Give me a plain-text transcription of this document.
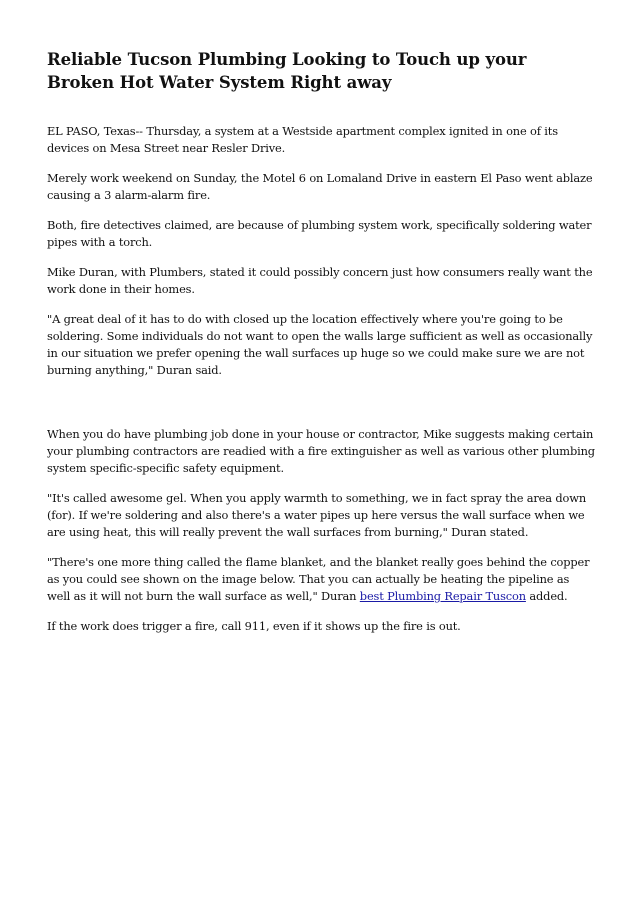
Reliable Tucson Plumbing Looking to Touch up your Broken Hot Water System Right away

EL PASO, Texas-- Thursday, a system at a Westside apartment complex ignited in one of its devices on Mesa Street near Resler Drive.

Merely work weekend on Sunday, the Motel 6 on Lomaland Drive in eastern El Paso went ablaze causing a 3 alarm-alarm fire.

Both, fire detectives claimed, are because of plumbing system work, specifically soldering water pipes with a torch.

Mike Duran, with Plumbers, stated it could possibly concern just how consumers really want the work done in their homes.

"A great deal of it has to do with closed up the location effectively where you're going to be soldering. Some individuals do not want to open the walls large sufficient as well as occasionally in our situation we prefer opening the wall surfaces up huge so we could make sure we are not burning anything," Duran said.

When you do have plumbing job done in your house or contractor, Mike suggests making certain your plumbing contractors are readied with a fire extinguisher as well as various other plumbing system specific-specific safety equipment.

"It's called awesome gel. When you apply warmth to something, we in fact spray the area down (for). If we're soldering and also there's a water pipes up here versus the wall surface when we are using heat, this will really prevent the wall surfaces from burning," Duran stated.

"There's one more thing called the flame blanket, and the blanket really goes behind the copper as you could see shown on the image below. That you can actually be heating the pipeline as well as it will not burn the wall surface as well," Duran best Plumbing Repair Tuscon added.

If the work does trigger a fire, call 911, even if it shows up the fire is out.
